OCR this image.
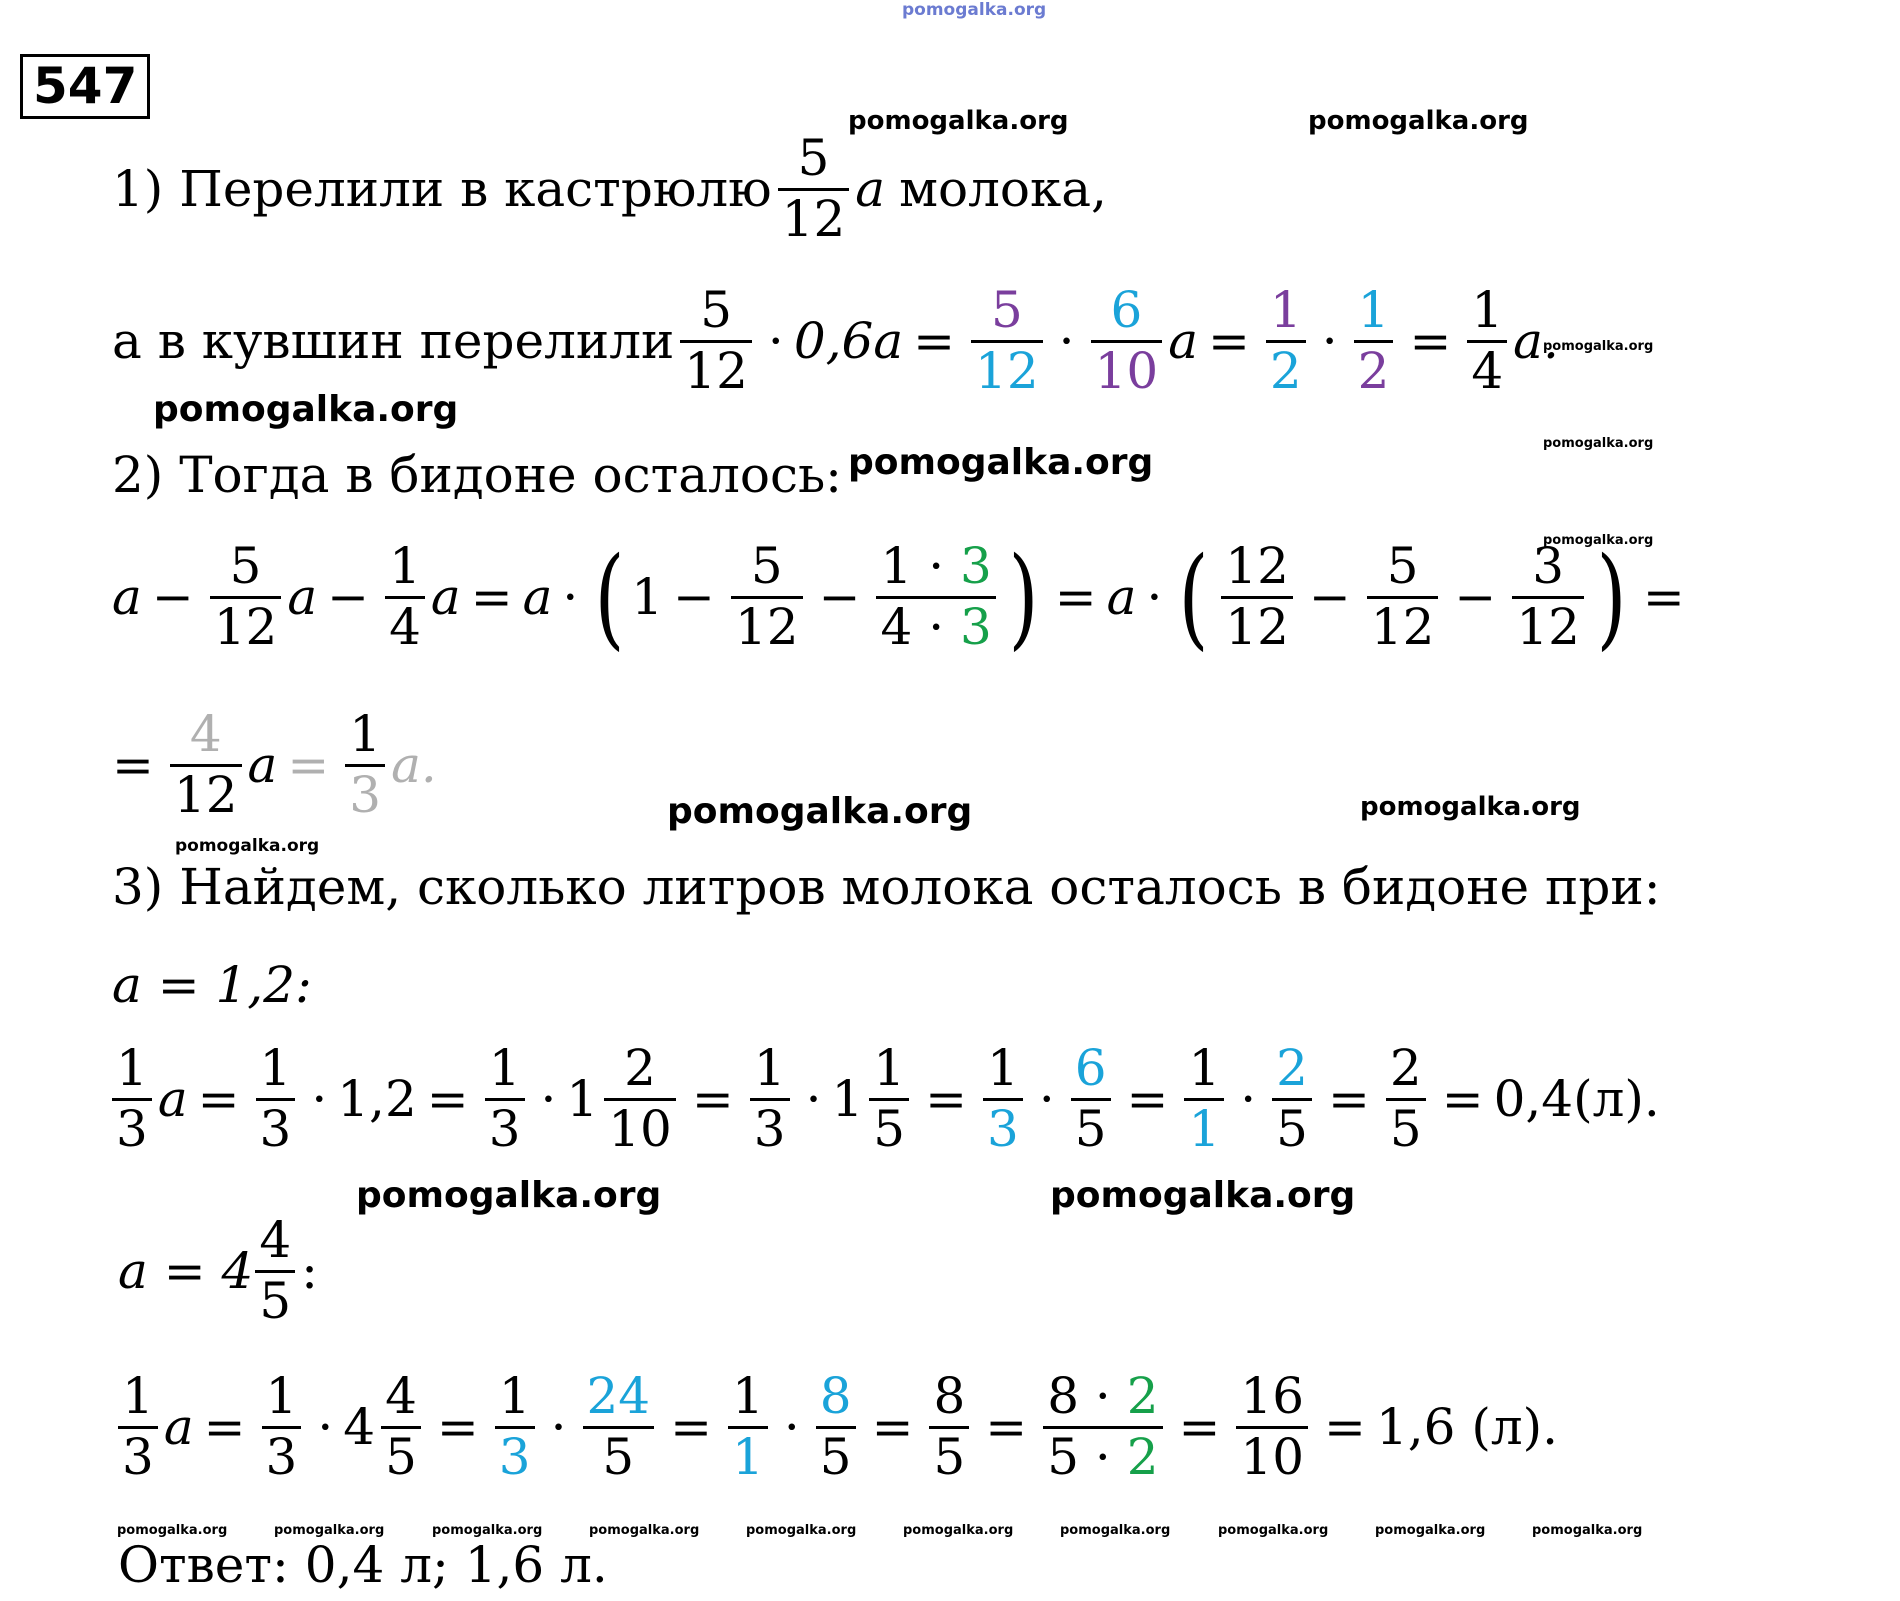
pomogalka.org
pomogalka.org	pomogalka.org
pomogalka.org
pomogalka.org
pomogalka.org
pomogalka.org
pomogalka.org
pomogalka.org	pomogalka.org
pomogalka.org
pomogalka.org	pomogalka.org
pomogalka.org	pomogalka.org	pomogalka.org	pomogalka.org	pomogalka.org	pomogalka.org	pomogalka.org	pomogalka.org	pomogalka.org	pomogalka.org
547
1) Перелили в кастрюлю $\frac{5}{12}$ a молока,
а в кувшин перелили $\frac{5}{12} \cdot 0,6a = \frac{5}{12} \cdot \frac{6}{10}$ $a = \frac{1}{2} \cdot \frac{1}{2} = \frac{1}{4} a$.
2) Тогда в бидоне осталось:
$a - \frac{5}{12}$ $a - \frac{1}{4}$ a = a · ( $1 - \frac{5}{12} - \frac{1 \cdot 3}{4 \cdot 3}$ ) = a · ( $\frac{12}{12} - \frac{5}{12} - \frac{3}{12}$ ) =
= $\frac{4}{12}$ $a = \frac{1}{3} a$.
3) Найдем, сколько литров молока осталось в бидоне при:
a = 1,2:
$\frac{1}{3}$ $a = \frac{1}{3} \cdot 1,2 = \frac{1}{3} \cdot 1 \frac{2}{10} = \frac{1}{3} \cdot 1 \frac{1}{5} = \frac{1}{3} \cdot \frac{6}{5} = \frac{1}{1} \cdot \frac{2}{5} = \frac{2}{5} = 0,4(л)$.
$a = 4 \frac{4}{5}$ :
$\frac{1}{3}$ $a = \frac{1}{3} \cdot 4 \frac{4}{5} = \frac{1}{3} \cdot \frac{24}{5} = \frac{1}{1} \cdot \frac{8}{5} = \frac{8}{5} = \frac{8 \cdot 2}{5 \cdot 2} = \frac{16}{10} = 1,6$ (л).
Ответ: 0,4 л; 1,6 л.
